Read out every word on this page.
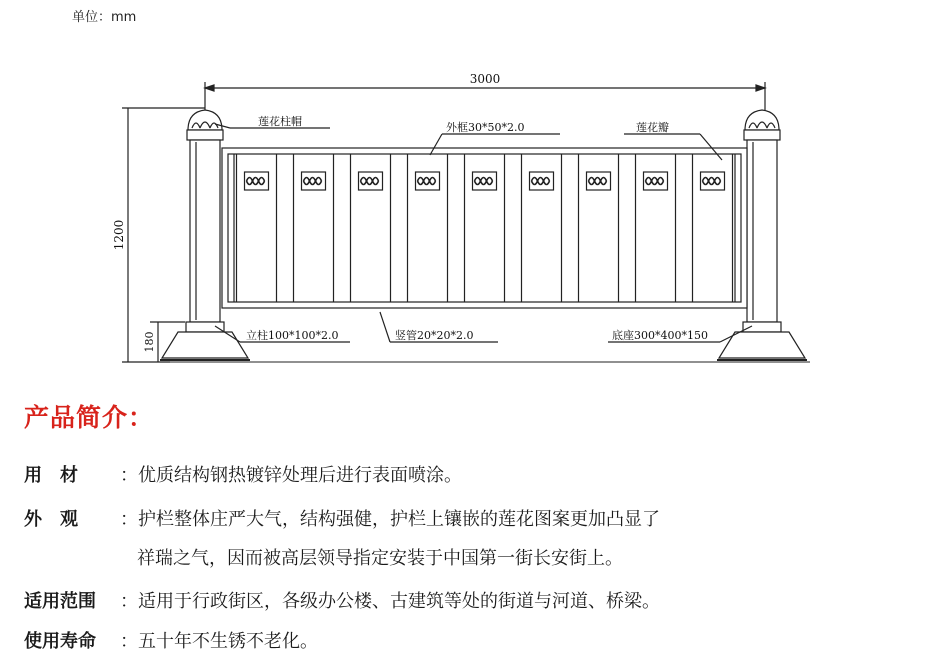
单位：mm
3000
1200
180
莲花柱帽	外框30*50*2.0	莲花瓣
立柱100*100*2.0	竖管20*20*2.0	底座300*400*150
产品简介：
用　材 ：优质结构钢热镀锌处理后进行表面喷涂。
外　观 ：护栏整体庄严大气，结构强健，护栏上镶嵌的莲花图案更加凸显了
祥瑞之气，因而被高层领导指定安装于中国第一街长安街上。
适用范围 ：适用于行政街区，各级办公楼、古建筑等处的街道与河道、桥梁。
使用寿命 ：五十年不生锈不老化。
